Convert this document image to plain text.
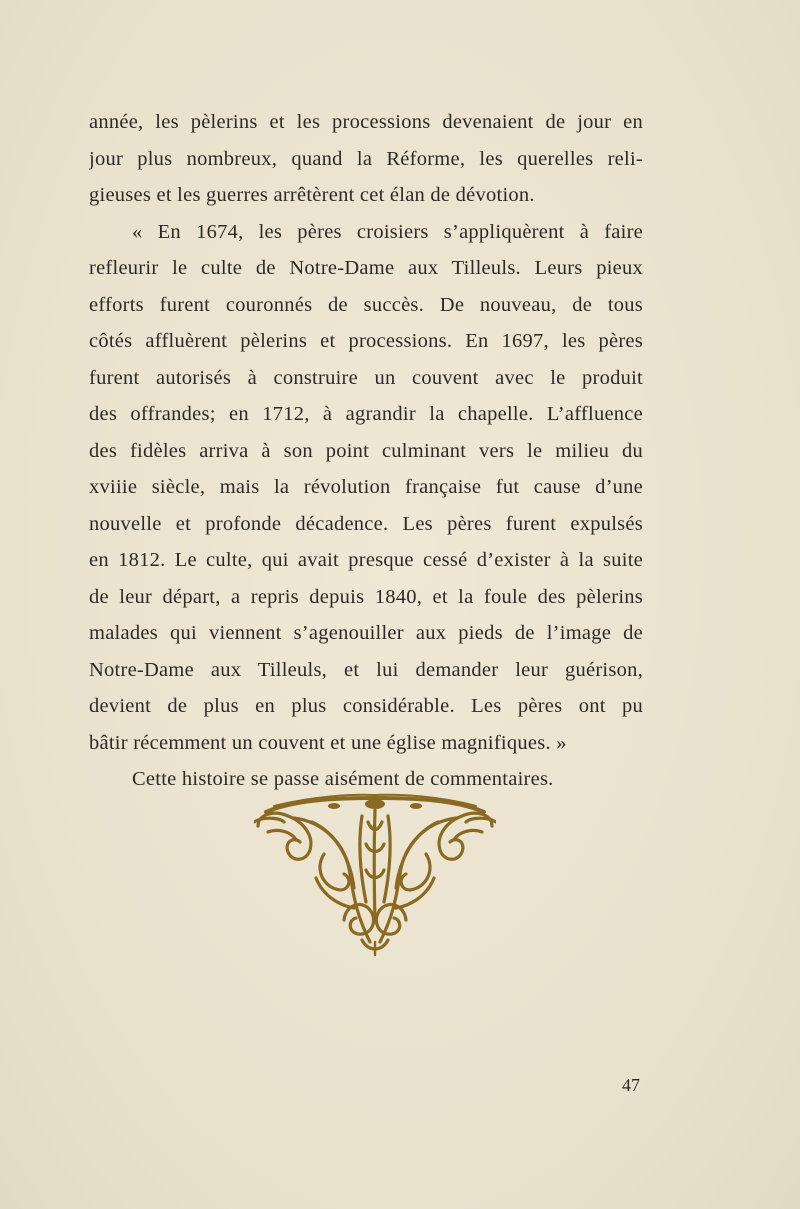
année, les pèlerins et les processions devenaient de jour en
jour plus nombreux, quand la Réforme, les querelles reli-
gieuses et les guerres arrêtèrent cet élan de dévotion.
« En 1674, les pères croisiers s’appliquèrent à faire
refleurir le culte de Notre-Dame aux Tilleuls. Leurs pieux
efforts furent couronnés de succès. De nouveau, de tous
côtés affluèrent pèlerins et processions. En 1697, les pères
furent autorisés à construire un couvent avec le produit
des offrandes; en 1712, à agrandir la chapelle. L’affluence
des fidèles arriva à son point culminant vers le milieu du
xviiie siècle, mais la révolution française fut cause d’une
nouvelle et profonde décadence. Les pères furent expulsés
en 1812. Le culte, qui avait presque cessé d’exister à la suite
de leur départ, a repris depuis 1840, et la foule des pèlerins
malades qui viennent s’agenouiller aux pieds de l’image de
Notre-Dame aux Tilleuls, et lui demander leur guérison,
devient de plus en plus considérable. Les pères ont pu
bâtir récemment un couvent et une église magnifiques. »
Cette histoire se passe aisément de commentaires.
47
